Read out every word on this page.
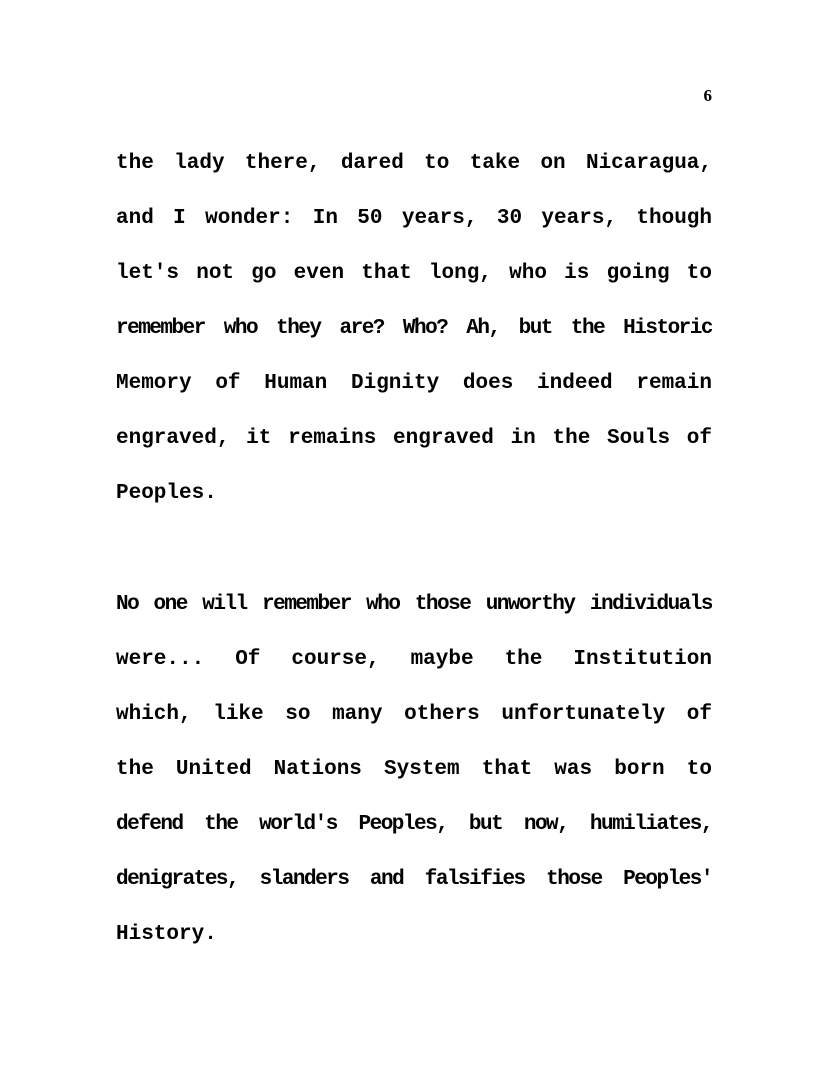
6
the lady there, dared to take on Nicaragua,
and I wonder: In 50 years, 30 years, though
let's not go even that long, who is going to
remember who they are? Who? Ah, but the Historic
Memory of Human Dignity does indeed remain
engraved, it remains engraved in the Souls of
Peoples.
No one will remember who those unworthy individuals
were... Of course, maybe the Institution
which, like so many others unfortunately of
the United Nations System that was born to
defend the world's Peoples, but now, humiliates,
denigrates, slanders and falsifies those Peoples'
History.
